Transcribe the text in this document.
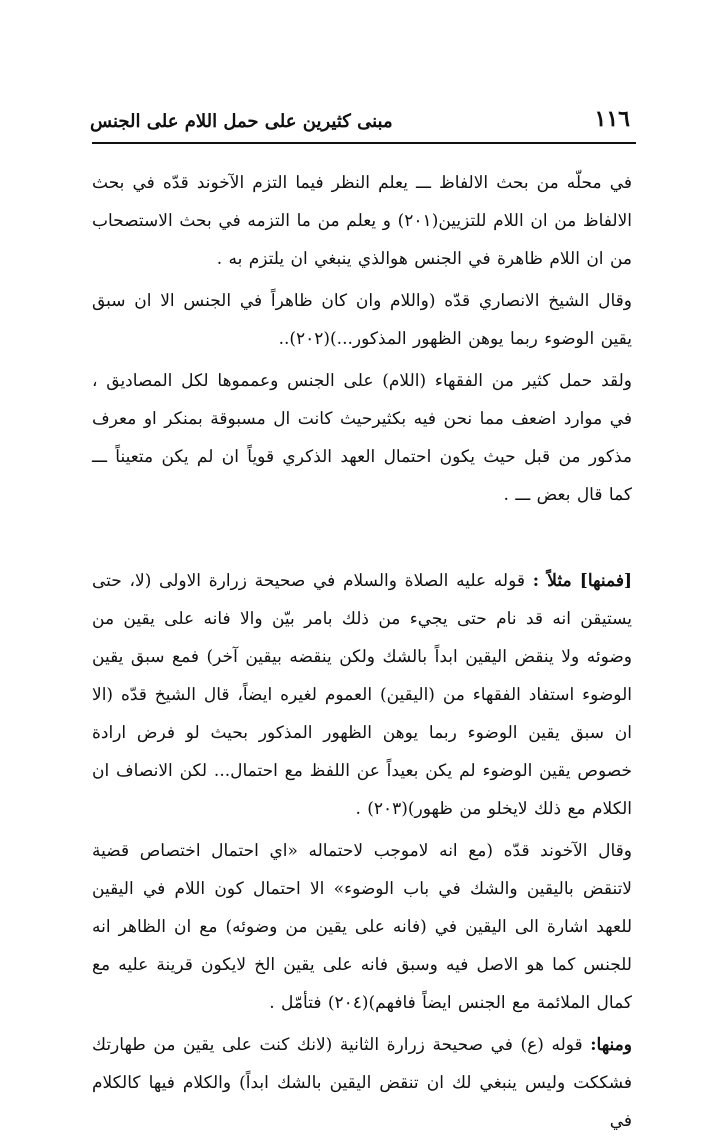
١١٦
مبنى كثيرين على حمل اللام على الجنس

في محلّه من بحث الالفاظ ـــ يعلم النظر فيما التزم الآخوند قدّه في بحث الالفاظ من ان اللام للتزيين(٢٠١) و يعلم من ما التزمه في بحث الاستصحاب من ان اللام ظاهرة في الجنس هوالذي ينبغي ان يلتزم به .

وقال الشيخ الانصاري قدّه (واللام وان كان ظاهراً في الجنس الا ان سبق يقين الوضوء ربما يوهن الظهور المذكور...)(٢٠٢)..

ولقد حمل كثير من الفقهاء (اللام) على الجنس وعمموها لكل المصاديق ، في موارد اضعف مما نحن فيه بكثيرحيث كانت ال مسبوقة بمنكر او معرف مذكور من قبل حيث يكون احتمال العهد الذكري قوياً ان لم يكن متعيناً ـــ كما قال بعض ـــ .

[فمنها] مثلاً : قوله عليه الصلاة والسلام في صحيحة زرارة الاولى (لا، حتى يستيقن انه قد نام حتى يجيء من ذلك بامر بيّن والا فانه على يقين من وضوئه ولا ينقض اليقين ابداً بالشك ولكن ينقضه بيقين آخر) فمع سبق يقين الوضوء استفاد الفقهاء من (اليقين) العموم لغيره ايضاً، قال الشيخ قدّه (الا ان سبق يقين الوضوء ربما يوهن الظهور المذكور بحيث لو فرض ارادة خصوص يقين الوضوء لم يكن بعيداً عن اللفظ مع احتمال... لكن الانصاف ان الكلام مع ذلك لايخلو من ظهور)(٢٠٣) .

وقال الآخوند قدّه (مع انه لاموجب لاحتماله «اي احتمال اختصاص قضية لاتنقض باليقين والشك في باب الوضوء» الا احتمال كون اللام في اليقين للعهد اشارة الى اليقين في (فانه على يقين من وضوئه) مع ان الظاهر انه للجنس كما هو الاصل فيه وسبق فانه على يقين الخ لايكون قرينة عليه مع كمال الملائمة مع الجنس ايضاً فافهم)(٢٠٤) فتأمّل .

ومنها: قوله (ع) في صحيحة زرارة الثانية (لانك كنت على يقين من طهارتك فشككت وليس ينبغي لك ان تنقض اليقين بالشك ابداً) والكلام فيها كالكلام في
